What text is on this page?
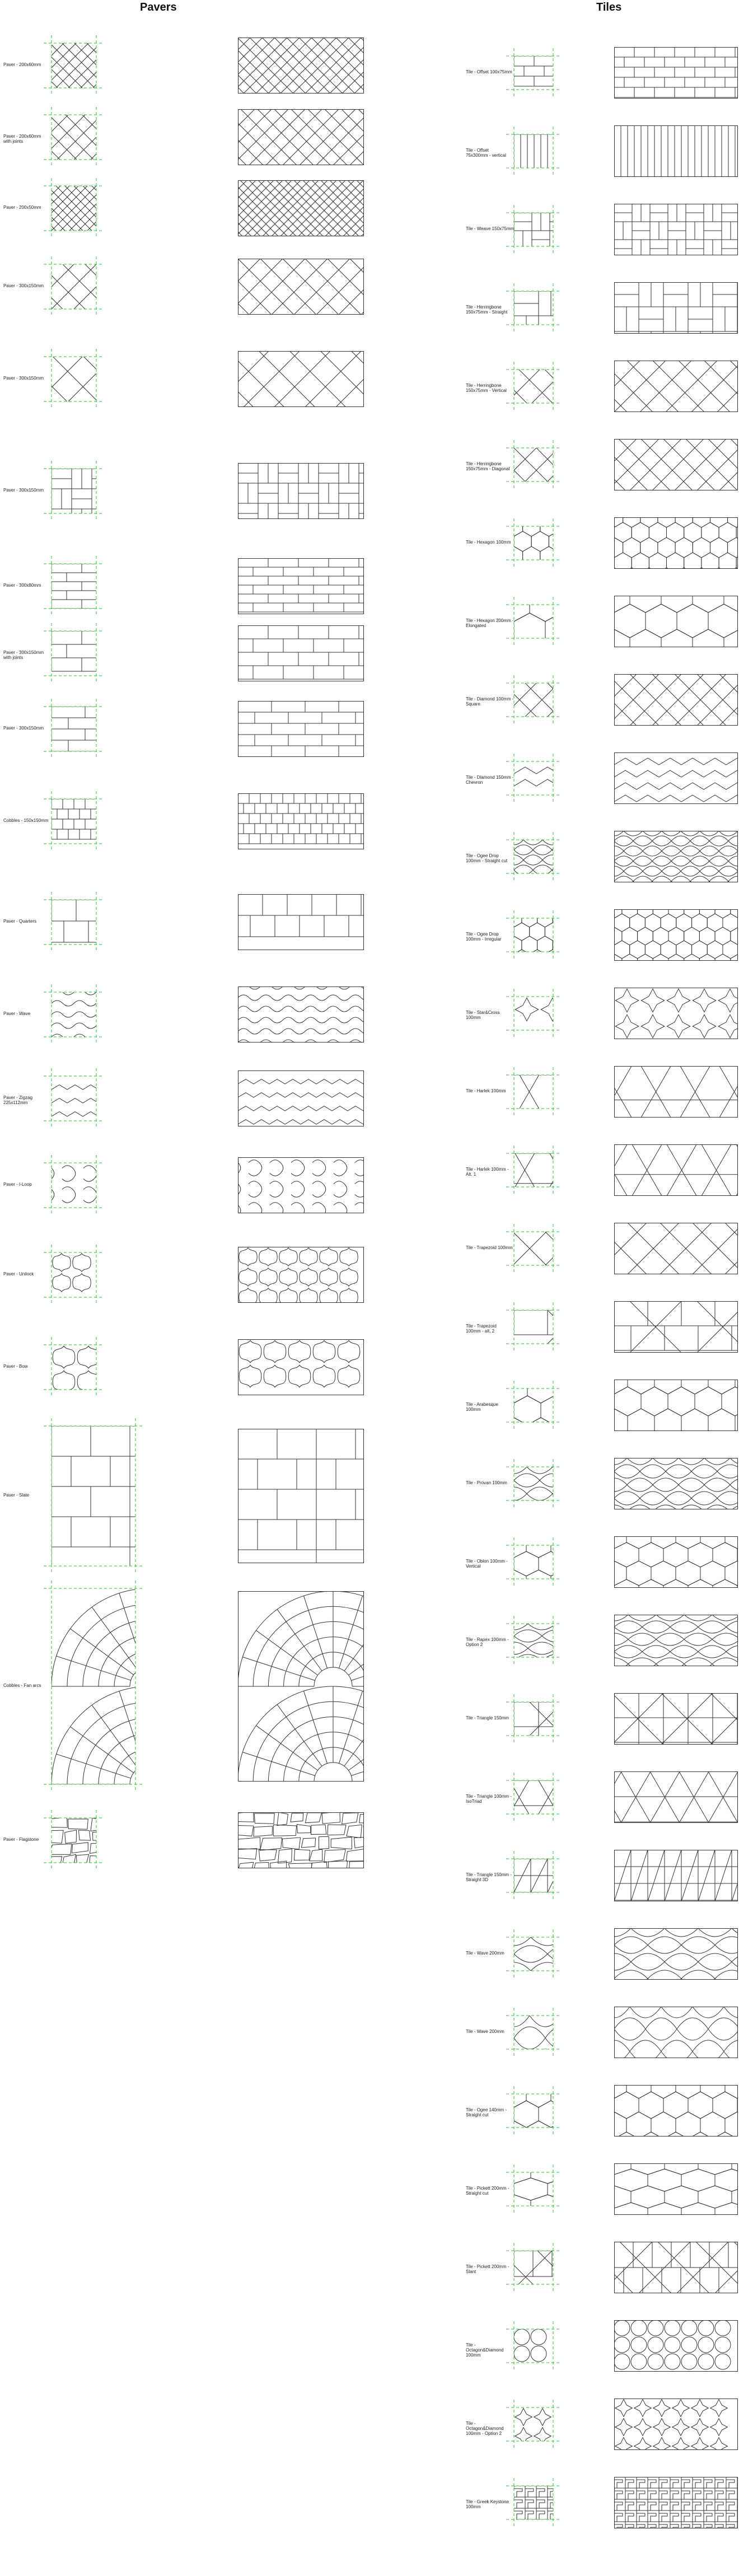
Pavers	Tiles
Paver - 200x60mm
Paver - 200x60mm
with joints
Paver - 200x50mm
Paver - 300x150mm
Paver - 300x150mm
Paver - 300x150mm
Paver - 300x80mm
Paver - 300x150mm
with joints
Paver - 300x150mm
Cobbles - 150x150mm
Paver - Quarters
Paver - Wave
Paver - Zigzag
225x112mm
Paver - I-Loop
Paver - Unilock
Paver - Bow
Paver - Slate
Cobbles - Fan arcs
Paver - Flagstone
Tile - Offset 100x75mm
Tile - Offset
75x300mm - vertical
Tile - Weave 150x75mm
Tile - Herringbone
150x75mm - Straight
Tile - Herringbone
150x75mm - Vertical
Tile - Herringbone
150x75mm - Diagonal
Tile - Hexagon 100mm
Tile - Hexagon 200mm -
Elongated
Tile - Diamond 100mm -
Square
Tile - Diamond 150mm -
Chevron
Tile - Ogee Drop
100mm - Straight cut
Tile - Ogee Drop
100mm - Irregular
Tile - Star&Cross
100mm
Tile - Harlek 100mm
Tile - Harlek 100mm -
Alt. 1
Tile - Trapezoid 100mm
Tile - Trapezoid
100mm - alt. 2
Tile - Arabesque
100mm
Tile - Provan 100mm
Tile - Oblon 100mm -
Vertical
Tile - Rapex 100mm -
Option 2
Tile - Triangle 150mm
Tile - Triangle 100mm -
IsoTriad
Tile - Triangle 150mm -
Straight 3D
Tile - Wave 200mm
Tile - Wave 200mm
Tile - Ogee 140mm -
Straight cut
Tile - Pickett 200mm -
Straight cut
Tile - Pickett 200mm -
Slant
Tile -
Octagon&Diamond
100mm
Tile -
Octagon&Diamond
100mm - Option 2
Tile - Greek Keystone
100mm
